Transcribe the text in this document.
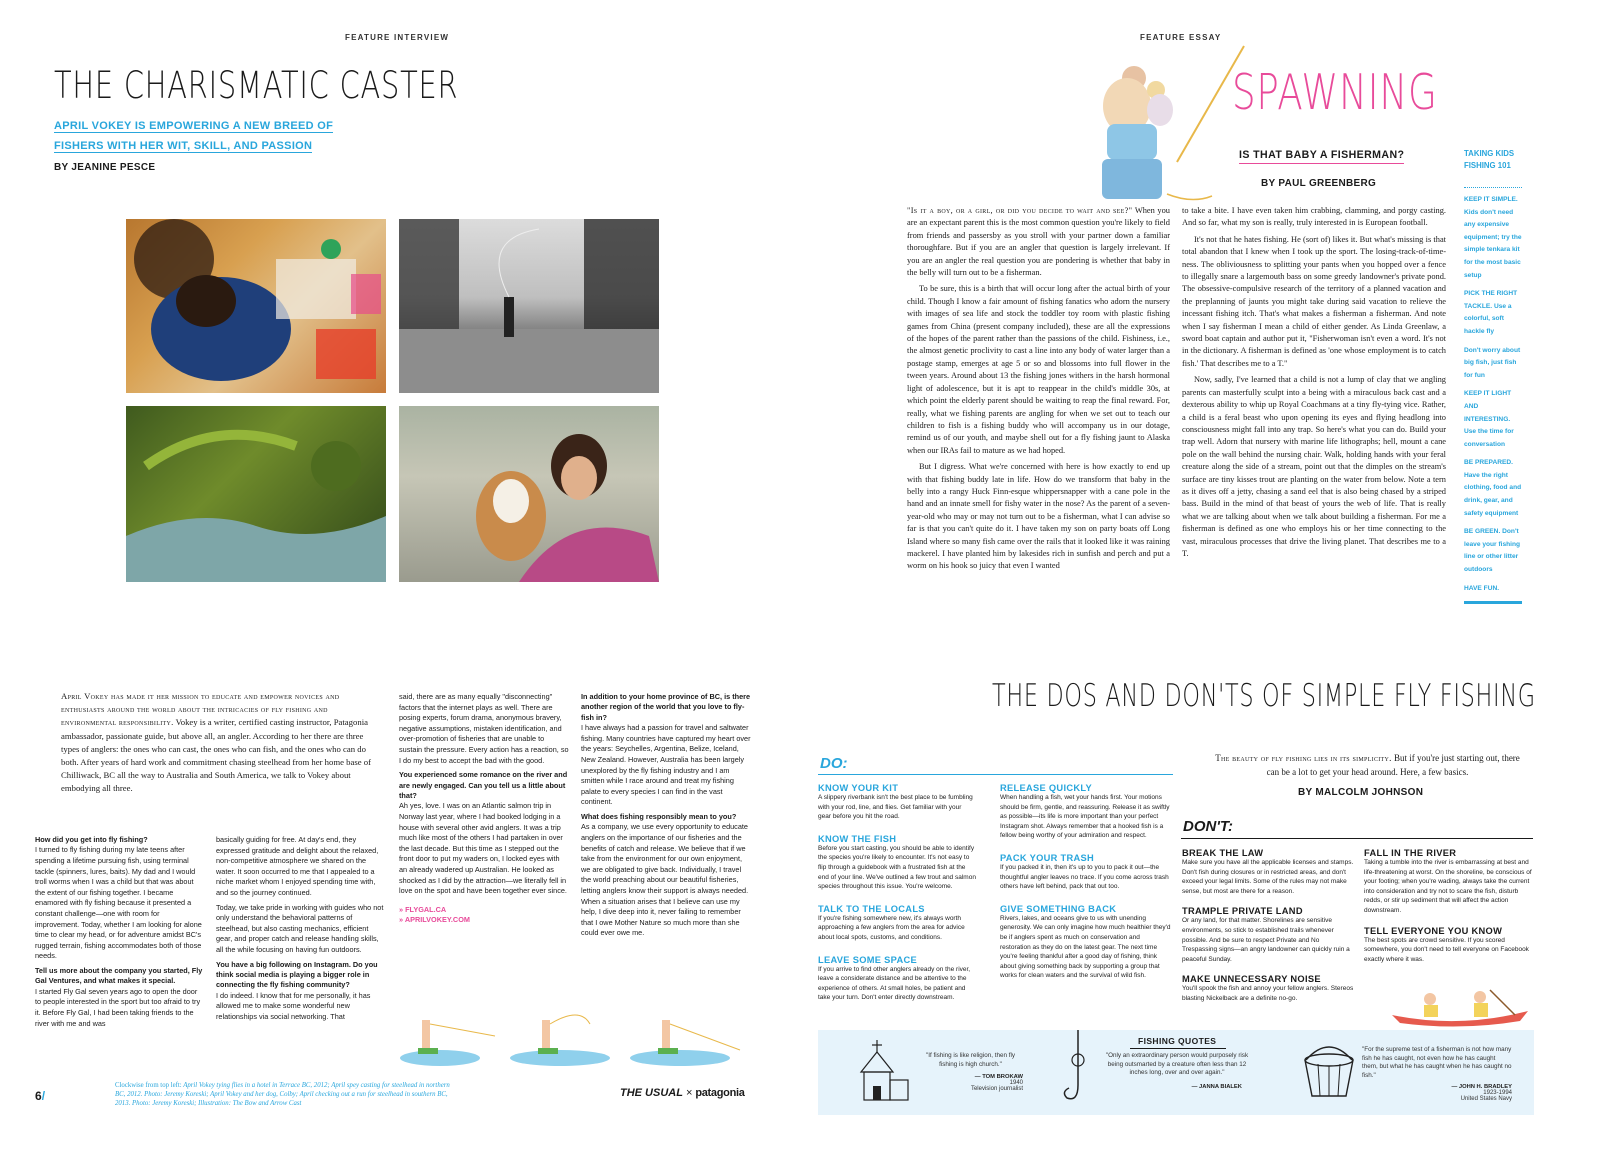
FEATURE INTERVIEW
THE CHARISMATIC CASTER
APRIL VOKEY IS EMPOWERING A NEW BREED OF
FISHERS WITH HER WIT, SKILL, AND PASSION
BY JEANINE PESCE
April Vokey has made it her mission to educate and empower novices and enthusiasts around the world about the intricacies of fly fishing and environmental responsibility. Vokey is a writer, certified casting instructor, Patagonia ambassador, passionate guide, but above all, an angler. According to her there are three types of anglers: the ones who can cast, the ones who can fish, and the ones who can do both. After years of hard work and commitment chasing steelhead from her home base of Chilliwack, BC all the way to Australia and South America, we talk to Vokey about embodying all three.
How did you get into fly fishing?

I turned to fly fishing during my late teens after spending a lifetime pursuing fish, using terminal tackle (spinners, lures, baits). My dad and I would troll worms when I was a child but that was about the extent of our fishing together. I became enamored with fly fishing because it presented a constant challenge—one with room for improvement. Today, whether I am looking for alone time to clear my head, or for adventure amidst BC's rugged terrain, fishing accommodates both of those needs.

Tell us more about the company you started, Fly Gal Ventures, and what makes it special.

I started Fly Gal seven years ago to open the door to people interested in the sport but too afraid to try it. Before Fly Gal, I had been taking friends to the river with me and was

basically guiding for free. At day's end, they expressed gratitude and delight about the relaxed, non-competitive atmosphere we shared on the water. It soon occurred to me that I appealed to a niche market whom I enjoyed spending time with, and so the journey continued.

Today, we take pride in working with guides who not only understand the behavioral patterns of steelhead, but also casting mechanics, efficient gear, and proper catch and release handling skills, all the while focusing on having fun outdoors.

You have a big following on Instagram. Do you think social media is playing a bigger role in connecting the fly fishing community?

I do indeed. I know that for me personally, it has allowed me to make some wonderful new relationships via social networking. That

said, there are as many equally "disconnecting" factors that the internet plays as well. There are posing experts, forum drama, anonymous bravery, negative assumptions, mistaken identification, and over-promotion of fisheries that are unable to sustain the pressure. Every action has a reaction, so I do my best to accept the bad with the good.

You experienced some romance on the river and are newly engaged. Can you tell us a little about that?

Ah yes, love. I was on an Atlantic salmon trip in Norway last year, where I had booked lodging in a house with several other avid anglers. It was a trip much like most of the others I had partaken in over the last decade. But this time as I stepped out the front door to put my waders on, I locked eyes with an already wadered up Australian. He looked as shocked as I did by the attraction—we literally fell in love on the spot and have been together ever since.

» FLYGAL.CA
» APRILVOKEY.COM
In addition to your home province of BC, is there another region of the world that you love to fly-fish in?

I have always had a passion for travel and saltwater fishing. Many countries have captured my heart over the years: Seychelles, Argentina, Belize, Iceland, New Zealand. However, Australia has been largely unexplored by the fly fishing industry and I am smitten while I race around and treat my fishing palate to every species I can find in the vast continent.

What does fishing responsibly mean to you?

As a company, we use every opportunity to educate anglers on the importance of our fisheries and the benefits of catch and release. We believe that if we take from the environment for our own enjoyment, we are obligated to give back. Individually, I travel the world preaching about our beautiful fisheries, letting anglers know their support is always needed. When a situation arises that I believe can use my help, I dive deep into it, never failing to remember that I owe Mother Nature so much more than she could ever owe me.

6/
Clockwise from top left: April Vokey tying flies in a hotel in Terrace BC, 2012; April spey casting for steelhead in northern BC, 2012. Photo: Jeremy Koreski; April Vokey and her dog, Colby; April checking out a run for steelhead in southern BC, 2013. Photo: Jeremy Koreski; Illustration: The Bow and Arrow Cast
THE USUAL × patagonia
FEATURE ESSAY
SPAWNING
IS THAT BABY A FISHERMAN?
BY PAUL GREENBERG

"Is it a boy, or a girl, or did you decide to wait and see?" When you are an expectant parent this is the most common question you're likely to field from friends and passersby as you stroll with your partner down a familiar thoroughfare. But if you are an angler that question is largely irrelevant. If you are an angler the real question you are pondering is whether that baby in the belly will turn out to be a fisherman.

To be sure, this is a birth that will occur long after the actual birth of your child. Though I know a fair amount of fishing fanatics who adorn the nursery with images of sea life and stock the toddler toy room with plastic fishing games from China (present company included), these are all the expressions of the hopes of the parent rather than the passions of the child. Fishiness, i.e., the almost genetic proclivity to cast a line into any body of water larger than a postage stamp, emerges at age 5 or so and blossoms into full flower in the tween years. Around about 13 the fishing jones withers in the harsh hormonal light of adolescence, but it is apt to reappear in the child's middle 30s, at which point the elderly parent should be waiting to reap the final reward. For, really, what we fishing parents are angling for when we set out to teach our children to fish is a fishing buddy who will accompany us in our dotage, remind us of our youth, and maybe shell out for a fly fishing jaunt to Alaska when our IRAs fail to mature as we had hoped.

But I digress. What we're concerned with here is how exactly to end up with that fishing buddy late in life. How do we transform that baby in the belly into a rangy Huck Finn-esque whippersnapper with a cane pole in the hand and an innate smell for fishy water in the nose? As the parent of a seven-year-old who may or may not turn out to be a fisherman, what I can advise so far is that you can't quite do it. I have taken my son on party boats off Long Island where so many fish came over the rails that it looked like it was raining mackerel. I have planted him by lakesides rich in sunfish and perch and put a worm on his hook so juicy that even I wanted

to take a bite. I have even taken him crabbing, clamming, and porgy casting. And so far, what my son is really, truly interested in is European football.

It's not that he hates fishing. He (sort of) likes it. But what's missing is that total abandon that I knew when I took up the sport. The losing-track-of-time-ness. The obliviousness to splitting your pants when you hopped over a fence to illegally snare a largemouth bass on some greedy landowner's private pond. The obsessive-compulsive research of the territory of a planned vacation and the preplanning of jaunts you might take during said vacation to relieve the incessant fishing itch. That's what makes a fisherman a fisherman. And note when I say fisherman I mean a child of either gender. As Linda Greenlaw, a sword boat captain and author put it, "Fisherwoman isn't even a word. It's not in the dictionary. A fisherman is defined as 'one whose employment is to catch fish.' That describes me to a T."

Now, sadly, I've learned that a child is not a lump of clay that we angling parents can masterfully sculpt into a being with a miraculous back cast and a dexterous ability to whip up Royal Coachmans at a tiny fly-tying vice. Rather, a child is a feral beast who upon opening its eyes and flying headlong into consciousness might fall into any trap. So here's what you can do. Build your trap well. Adorn that nursery with marine life lithographs; hell, mount a cane pole on the wall behind the nursing chair. Walk, holding hands with your feral creature along the side of a stream, point out that the dimples on the stream's surface are tiny kisses trout are planting on the water from below. Note a tern as it dives off a jetty, chasing a sand eel that is also being chased by a striped bass. Build in the mind of that beast of yours the web of life. That is really what we are talking about when we talk about building a fisherman. For me a fisherman is defined as one who employs his or her time connecting to the vast, miraculous processes that drive the living planet. That describes me to a T.

TAKING KIDS
FISHING 101
KEEP IT SIMPLE. Kids don't need any expensive equipment; try the simple tenkara kit for the most basic setup
PICK THE RIGHT TACKLE. Use a colorful, soft hackle fly
Don't worry about big fish, just fish for fun
KEEP IT LIGHT AND INTERESTING. Use the time for conversation
BE PREPARED. Have the right clothing, food and drink, gear, and safety equipment
BE GREEN. Don't leave your fishing line or other litter outdoors
HAVE FUN.
THE DOS AND DON'TS OF SIMPLE FLY FISHING
The beauty of fly fishing lies in its simplicity. But if you're just starting out, there can be a lot to get your head around. Here, a few basics.
BY MALCOLM JOHNSON
DO:
KNOW YOUR KIT
A slippery riverbank isn't the best place to be fumbling with your rod, line, and flies. Get familiar with your gear before you hit the road.
KNOW THE FISH
Before you start casting, you should be able to identify the species you're likely to encounter. It's not easy to flip through a guidebook with a frustrated fish at the end of your line. We've outlined a few trout and salmon species throughout this issue. You're welcome.
TALK TO THE LOCALS
If you're fishing somewhere new, it's always worth approaching a few anglers from the area for advice about local spots, customs, and conditions.
LEAVE SOME SPACE
If you arrive to find other anglers already on the river, leave a considerate distance and be attentive to the experience of others. At small holes, be patient and take your turn. Don't enter directly downstream.
RELEASE QUICKLY
When handling a fish, wet your hands first. Your motions should be firm, gentle, and reassuring. Release it as swiftly as possible—its life is more important than your perfect Instagram shot. Always remember that a hooked fish is a fellow being worthy of your admiration and respect.
PACK YOUR TRASH
If you packed it in, then it's up to you to pack it out—the thoughtful angler leaves no trace. If you come across trash others have left behind, pack that out too.
GIVE SOMETHING BACK
Rivers, lakes, and oceans give to us with unending generosity. We can only imagine how much healthier they'd be if anglers spent as much on conservation and restoration as they do on the latest gear. The next time you're feeling thankful after a good day of fishing, think about giving something back by supporting a group that works for clean waters and the survival of wild fish.
DON'T:
BREAK THE LAW
Make sure you have all the applicable licenses and stamps. Don't fish during closures or in restricted areas, and don't exceed your legal limits. Some of the rules may not make sense, but most are there for a reason.
TRAMPLE PRIVATE LAND
Or any land, for that matter. Shorelines are sensitive environments, so stick to established trails whenever possible. And be sure to respect Private and No Trespassing signs—an angry landowner can quickly ruin a peaceful Sunday.
MAKE UNNECESSARY NOISE
You'll spook the fish and annoy your fellow anglers. Stereos blasting Nickelback are a definite no-go.
FALL IN THE RIVER
Taking a tumble into the river is embarrassing at best and life-threatening at worst. On the shoreline, be conscious of your footing; when you're wading, always take the current into consideration and try not to scare the fish, disturb redds, or stir up sediment that will affect the action downstream.
TELL EVERYONE YOU KNOW
The best spots are crowd sensitive. If you scored somewhere, you don't need to tell everyone on Facebook exactly where it was.
FISHING QUOTES
"If fishing is like religion, then fly fishing is high church."
— TOM BROKAW
1940
Television journalist
"Only an extraordinary person would purposely risk being outsmarted by a creature often less than 12 inches long, over and over again."
— JANNA BIALEK
"For the supreme test of a fisherman is not how many fish he has caught, not even how he has caught them, but what he has caught when he has caught no fish."
— JOHN H. BRADLEY
1923-1994
United States Navy
